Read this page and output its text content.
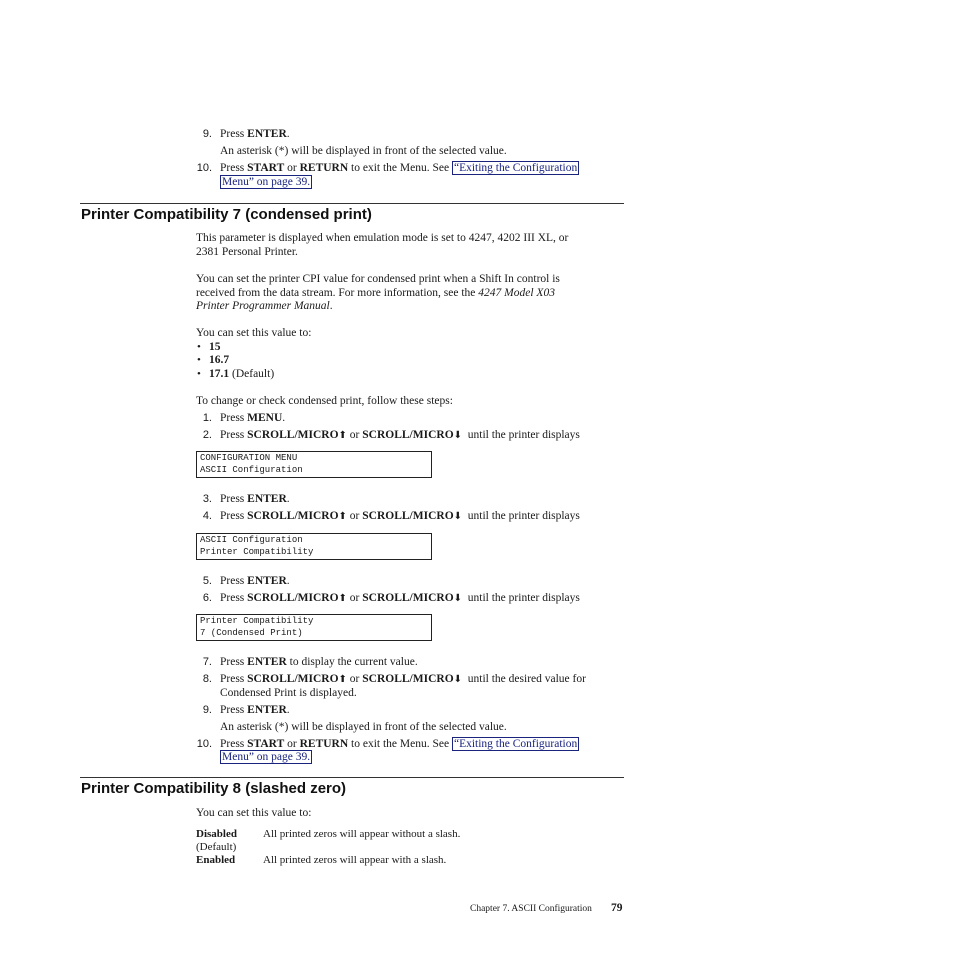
9. Press ENTER.
An asterisk (*) will be displayed in front of the selected value.
10. Press START or RETURN to exit the Menu. See “Exiting the Configuration
Menu” on page 39.
Printer Compatibility 7 (condensed print)
This parameter is displayed when emulation mode is set to 4247, 4202 III XL, or
2381 Personal Printer.
You can set the printer CPI value for condensed print when a Shift In control is
received from the data stream. For more information, see the 4247 Model X03
Printer Programmer Manual.
You can set this value to:
• 15
• 16.7
• 17.1 (Default)
To change or check condensed print, follow these steps:
1. Press MENU.
2. Press SCROLL/MICRO⬆ or SCROLL/MICRO⬇ until the printer displays
CONFIGURATION MENU
ASCII Configuration
3. Press ENTER.
4. Press SCROLL/MICRO⬆ or SCROLL/MICRO⬇ until the printer displays
ASCII Configuration
Printer Compatibility
5. Press ENTER.
6. Press SCROLL/MICRO⬆ or SCROLL/MICRO⬇ until the printer displays
Printer Compatibility
7 (Condensed Print)
7. Press ENTER to display the current value.
8. Press SCROLL/MICRO⬆ or SCROLL/MICRO⬇ until the desired value for
Condensed Print is displayed.
9. Press ENTER.
An asterisk (*) will be displayed in front of the selected value.
10. Press START or RETURN to exit the Menu. See “Exiting the Configuration
Menu” on page 39.
Printer Compatibility 8 (slashed zero)
You can set this value to:
Disabled
(Default)
All printed zeros will appear without a slash.
Enabled	All printed zeros will appear with a slash.
Chapter 7. ASCII Configuration 79
